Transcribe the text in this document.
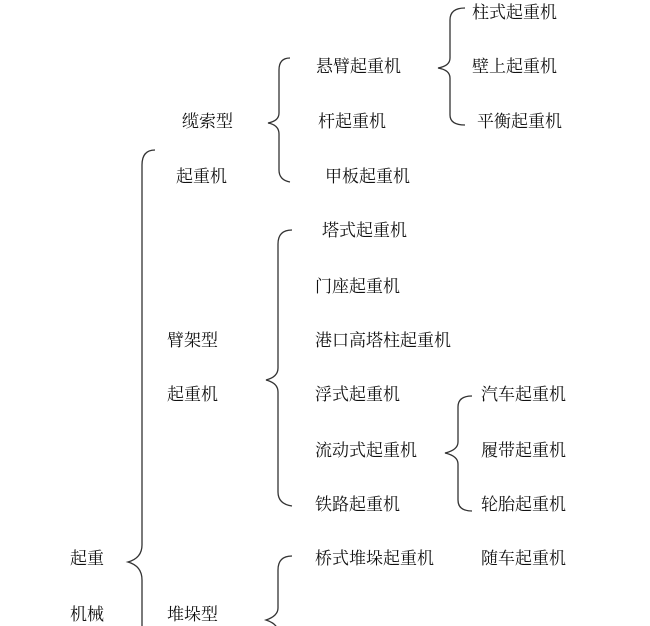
起重
机械
缆索型
起重机
悬臂起重机
杆起重机
甲板起重机
柱式起重机
壁上起重机
平衡起重机
臂架型
起重机
塔式起重机
门座起重机
港口高塔柱起重机
浮式起重机
流动式起重机
铁路起重机
汽车起重机
履带起重机
轮胎起重机
随车起重机
堆垛型
桥式堆垛起重机
